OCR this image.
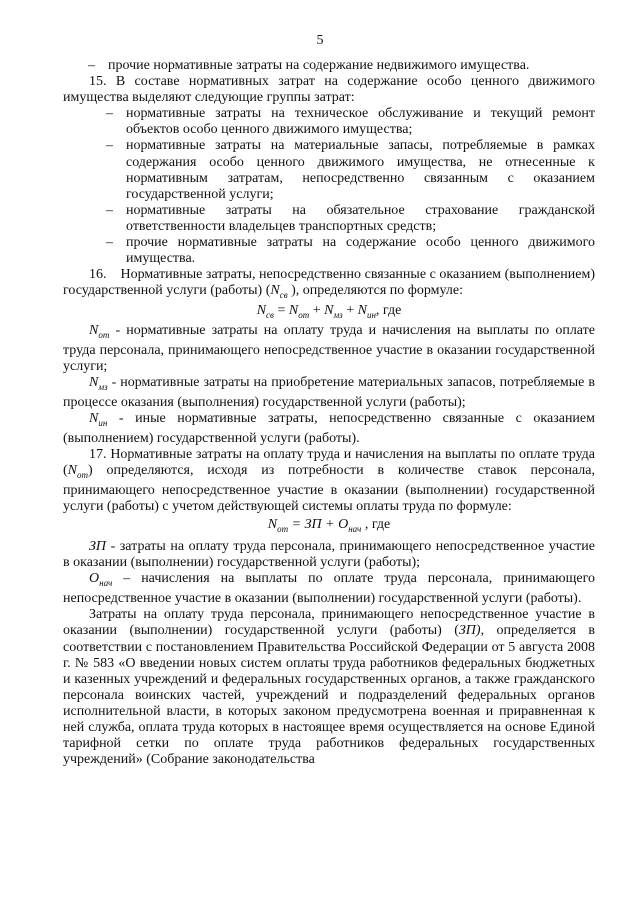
5

– прочие нормативные затраты на содержание недвижимого имущества.

15. В составе нормативных затрат на содержание особо ценного движимого имущества выделяют следующие группы затрат:

– нормативные затраты на техническое обслуживание и текущий ремонт объектов особо ценного движимого имущества;

– нормативные затраты на материальные запасы, потребляемые в рамках содержания особо ценного движимого имущества, не отнесенные к нормативным затратам, непосредственно связанным с оказанием государственной услуги;

– нормативные затраты на обязательное страхование гражданской ответственности владельцев транспортных средств;

– прочие нормативные затраты на содержание особо ценного движимого имущества.

16. Нормативные затраты, непосредственно связанные с оказанием (выполнением) государственной услуги (работы) ($N_{св}$ ), определяются по формуле:

$N_{св} = N_{от} + N_{мз} + N_{ин}$, где

$N_{от}$ - нормативные затраты на оплату труда и начисления на выплаты по оплате труда персонала, принимающего непосредственное участие в оказании государственной услуги;

$N_{мз}$ - нормативные затраты на приобретение материальных запасов, потребляемые в процессе оказания (выполнения) государственной услуги (работы);

$N_{ин}$ - иные нормативные затраты, непосредственно связанные с оказанием (выполнением) государственной услуги (работы).

17. Нормативные затраты на оплату труда и начисления на выплаты по оплате труда $(N_{от})$ определяются, исходя из потребности в количестве ставок персонала, принимающего непосредственное участие в оказании (выполнении) государственной услуги (работы) с учетом действующей системы оплаты труда по формуле:

$N_{от}$ = ЗП + $О_{нач}$ , где

ЗП - затраты на оплату труда персонала, принимающего непосредственное участие в оказании (выполнении) государственной услуги (работы);

$О_{нач}$ – начисления на выплаты по оплате труда персонала, принимающего непосредственное участие в оказании (выполнении) государственной услуги (работы).

Затраты на оплату труда персонала, принимающего непосредственное участие в оказании (выполнении) государственной услуги (работы) (ЗП), определяется в соответствии с постановлением Правительства Российской Федерации от 5 августа 2008 г. № 583 «О введении новых систем оплаты труда работников федеральных бюджетных и казенных учреждений и федеральных государственных органов, а также гражданского персонала воинских частей, учреждений и подразделений федеральных органов исполнительной власти, в которых законом предусмотрена военная и приравненная к ней служба, оплата труда которых в настоящее время осуществляется на основе Единой тарифной сетки по оплате труда работников федеральных государственных учреждений» (Собрание законодательства
